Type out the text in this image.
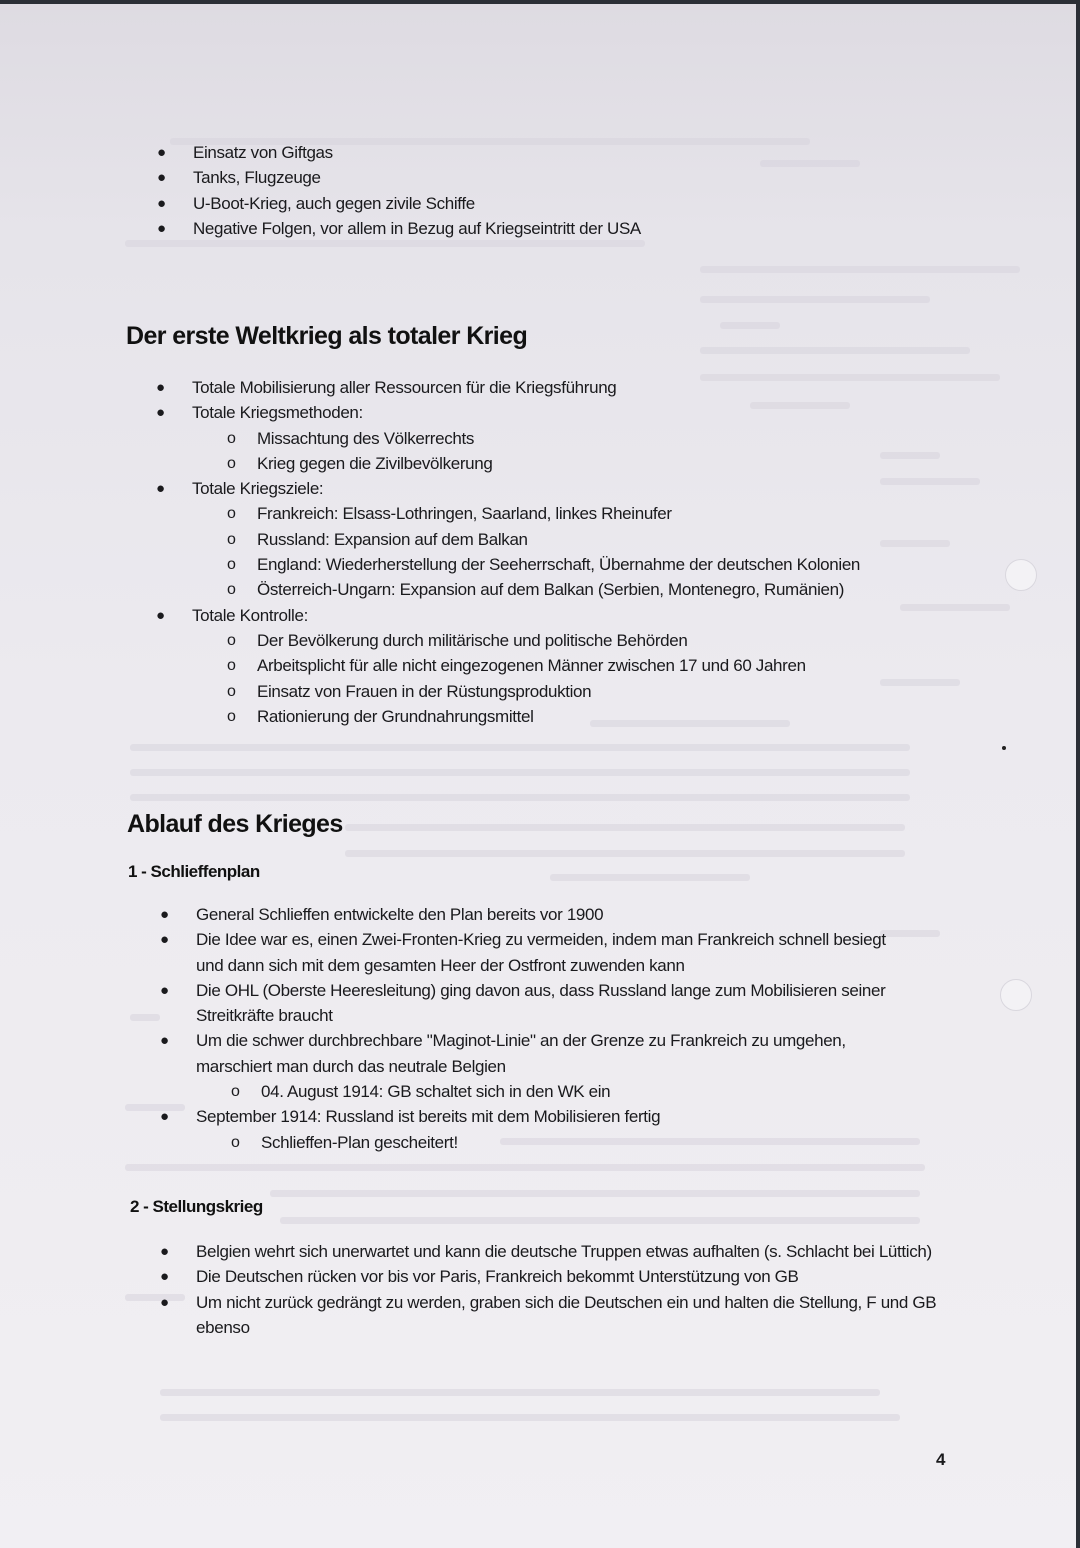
● Einsatz von Giftgas
● Tanks, Flugzeuge
● U-Boot-Krieg, auch gegen zivile Schiffe
● Negative Folgen, vor allem in Bezug auf Kriegseintritt der USA
Der erste Weltkrieg als totaler Krieg
● Totale Mobilisierung aller Ressourcen für die Kriegsführung
● Totale Kriegsmethoden:
o Missachtung des Völkerrechts
o Krieg gegen die Zivilbevölkerung
● Totale Kriegsziele:
o Frankreich: Elsass-Lothringen, Saarland, linkes Rheinufer
o Russland: Expansion auf dem Balkan
o England: Wiederherstellung der Seeherrschaft, Übernahme der deutschen Kolonien
o Österreich-Ungarn: Expansion auf dem Balkan (Serbien, Montenegro, Rumänien)
● Totale Kontrolle:
o Der Bevölkerung durch militärische und politische Behörden
o Arbeitsplicht für alle nicht eingezogenen Männer zwischen 17 und 60 Jahren
o Einsatz von Frauen in der Rüstungsproduktion
o Rationierung der Grundnahrungsmittel
Ablauf des Krieges
1 - Schlieffenplan
● General Schlieffen entwickelte den Plan bereits vor 1900
● Die Idee war es, einen Zwei-Fronten-Krieg zu vermeiden, indem man Frankreich schnell besiegt und dann sich mit dem gesamten Heer der Ostfront zuwenden kann
● Die OHL (Oberste Heeresleitung) ging davon aus, dass Russland lange zum Mobilisieren seiner Streitkräfte braucht
● Um die schwer durchbrechbare "Maginot-Linie" an der Grenze zu Frankreich zu umgehen, marschiert man durch das neutrale Belgien
o 04. August 1914: GB schaltet sich in den WK ein
● September 1914: Russland ist bereits mit dem Mobilisieren fertig
o Schlieffen-Plan gescheitert!
2 - Stellungskrieg
● Belgien wehrt sich unerwartet und kann die deutsche Truppen etwas aufhalten (s. Schlacht bei Lüttich)
● Die Deutschen rücken vor bis vor Paris, Frankreich bekommt Unterstützung von GB
● Um nicht zurück gedrängt zu werden, graben sich die Deutschen ein und halten die Stellung, F und GB ebenso
4
